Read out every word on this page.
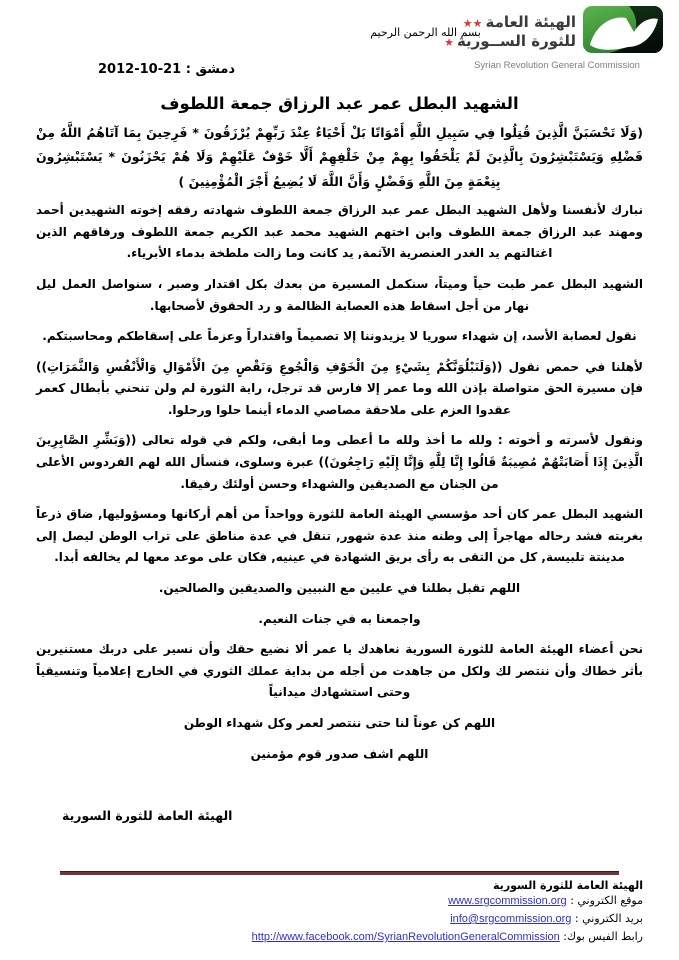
بسم الله الرحمن الرحيم
الهيئة العامة★★
للثورة الســورية★
Syrian Revolution General Commission
دمشق : 21-10-2012
الشهيد البطل عمر عبد الرزاق جمعة اللطوف

(وَلَا تَحْسَبَنَّ الَّذِينَ قُتِلُوا فِي سَبِيلِ اللَّهِ أَمْوَاتًا بَلْ أَحْيَاءٌ عِنْدَ رَبِّهِمْ يُرْزَقُونَ * فَرِحِينَ بِمَا آتَاهُمُ اللَّهُ مِنْ فَضْلِهِ وَيَسْتَبْشِرُونَ بِالَّذِينَ لَمْ يَلْحَقُوا بِهِمْ مِنْ خَلْفِهِمْ أَلَّا خَوْفٌ عَلَيْهِمْ وَلَا هُمْ يَحْزَنُونَ * يَسْتَبْشِرُونَ بِنِعْمَةٍ مِنَ اللَّهِ وَفَضْلٍ وَأَنَّ اللَّهَ لَا يُضِيعُ أَجْرَ الْمُؤْمِنِينَ )

نبارك لأنفسنا ولأهل الشهيد البطل عمر عبد الرزاق جمعة اللطوف شهادته رفقه إخوته الشهيدين أحمد ومهند عبد الرزاق جمعة اللطوف وابن اختهم الشهيد محمد عبد الكريم جمعة اللطوف ورفاقهم الذين اغتالتهم يد الغدر العنصرية الآثمة, يد كانت وما زالت ملطخة بدماء الأبرياء.

الشهيد البطل عمر طبت حياً وميتاً، سنكمل المسيرة من بعدك بكل اقتدار وصبر ، سنواصل العمل ليل نهار من أجل اسقاط هذه العصابة الظالمة و رد الحقوق لأصحابها.

نقول لعصابة الأسد، إن شهداء سوريا لا يزيدوننا إلا تصميماً واقتداراً وعزماً على إسقاطكم ومحاسبتكم.

لأهلنا في حمص نقول ((وَلَنَبْلُوَنَّكُمْ بِشَيْءٍ مِنَ الْخَوْفِ وَالْجُوعِ وَنَقْصٍ مِنَ الْأَمْوَالِ وَالْأَنْفُسِ وَالثَّمَرَاتِ)) فإن مسيرة الحق متواصلة بإذن الله وما عمر إلا فارس قد ترجل، راية الثورة لم ولن تنحني بأبطال كعمر عقدوا العزم على ملاحقة مصاصي الدماء أينما حلوا ورحلوا.

ونقول لأسرته و أخوته : ولله ما أخذ ولله ما أعطى وما أبقى، ولكم في قوله تعالى ((وَبَشِّرِ الصَّابِرِينَ الَّذِينَ إِذَا أَصَابَتْهُمْ مُصِيبَةٌ قَالُوا إِنَّا لِلَّهِ وَإِنَّا إِلَيْهِ رَاجِعُونَ)) عبرة وسلوى، فنسأل الله لهم الفردوس الأعلى من الجنان مع الصديقين والشهداء وحسن أولئك رفيقا.

الشهيد البطل عمر كان أحد مؤسسي الهيئة العامة للثورة وواحداً من أهم أركانها ومسؤوليها, ضاق ذرعاً بغربته فشد رحاله مهاجراً إلى وطنه منذ عدة شهور, تنقل في عدة مناطق على تراب الوطن ليصل إلى مدينتة تلبيسة, كل من التقى به رأى بريق الشهادة في عينيه, فكان على موعد معها لم يخالفه أبدا.

اللهم تقبل بطلنا في عليين مع النبيين والصديقين والصالحين.

واجمعنا به في جنات النعيم.

نحن أعضاء الهيئة العامة للثورة السورية نعاهدك يا عمر ألا نضيع حقك وأن نسير على دربك مستنيرين بأثر خطاك وأن ننتصر لك ولكل من جاهدت من أجله من بداية عملك الثوري في الخارج إعلامياً وتنسيقياً وحتى استشهادك ميدانياً

اللهم كن عوناً لنا حتى ننتصر لعمر وكل شهداء الوطن

اللهم اشف صدور قوم مؤمنين

الهيئة العامة للثورة السورية
الهيئة العامة للثورة السورية
موقع الكتروني : www.srgcommission.org
بريد الكتروني : info@srgcommission.org
رابط الفيس بوك: http://www.facebook.com/SyrianRevolutionGeneralCommission
